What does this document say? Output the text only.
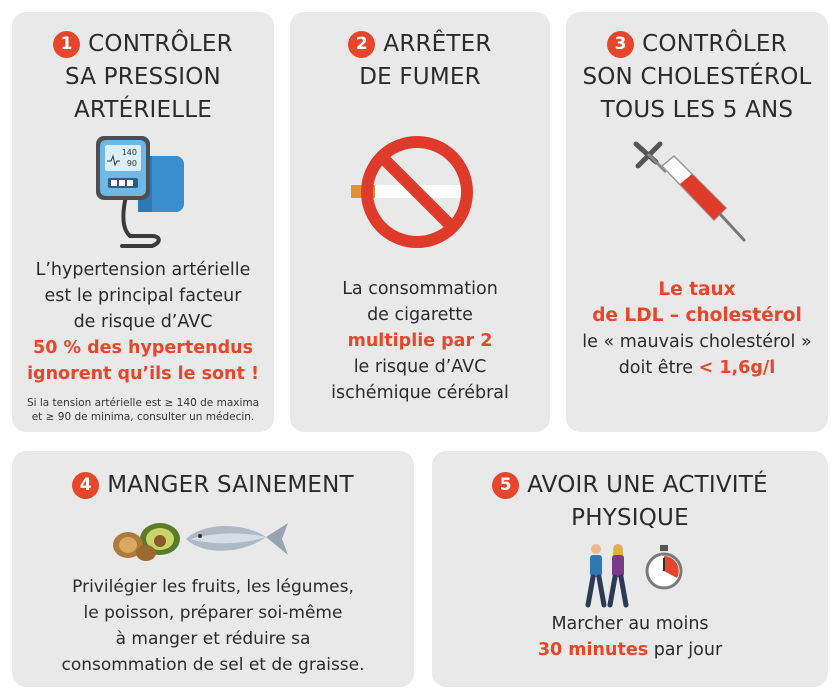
1 CONTRÔLER
SA PRESSION
ARTÉRIELLE
140
90
L’hypertension artérielle
est le principal facteur
de risque d’AVC
50 % des hypertendus
ignorent qu’ils le sont !
Si la tension artérielle est ≥ 140 de maxima
et ≥ 90 de minima, consulter un médecin.
2 ARRÊTER
DE FUMER
La consommation
de cigarette
multiplie par 2
le risque d’AVC
ischémique cérébral
3 CONTRÔLER
SON CHOLESTÉROL
TOUS LES 5 ANS
Le taux
de LDL – cholestérol
le « mauvais cholestérol »
doit être < 1,6g/l
4 MANGER SAINEMENT
Privilégier les fruits, les légumes,
le poisson, préparer soi-même
à manger et réduire sa
consommation de sel et de graisse.
5 AVOIR UNE ACTIVITÉ
PHYSIQUE
Marcher au moins
30 minutes par jour
